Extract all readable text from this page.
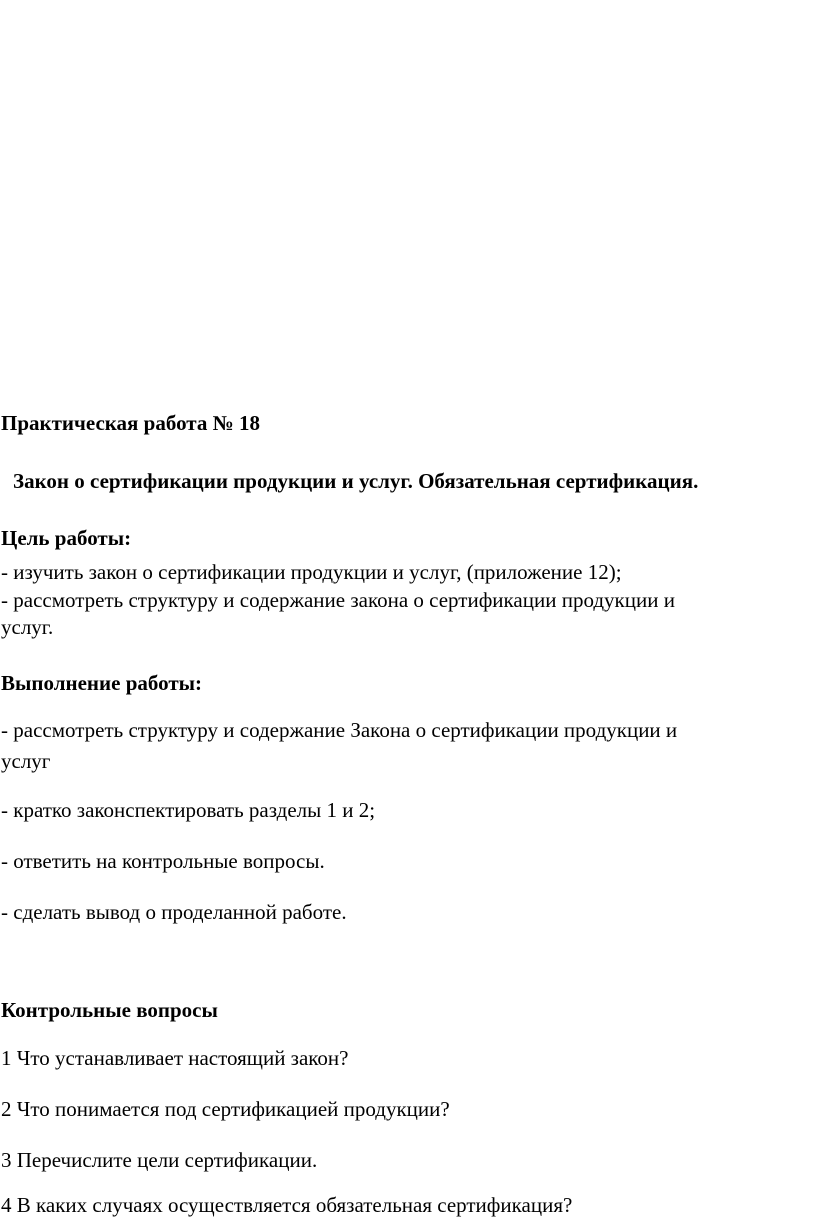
Практическая работа № 18
Закон о сертификации продукции и услуг. Обязательная сертификация.
Цель работы:
- изучить закон о сертификации продукции и услуг, (приложение 12);
- рассмотреть структуру и содержание закона о сертификации продукции и
услуг.
Выполнение работы:
- рассмотреть структуру и содержание Закона о сертификации продукции и
услуг
- кратко законспектировать разделы 1 и 2;
- ответить на контрольные вопросы.
- сделать вывод о проделанной работе.
Контрольные вопросы
1 Что устанавливает настоящий закон?
2 Что понимается под сертификацией продукции?
3 Перечислите цели сертификации.
4 В каких случаях осуществляется обязательная сертификация?
